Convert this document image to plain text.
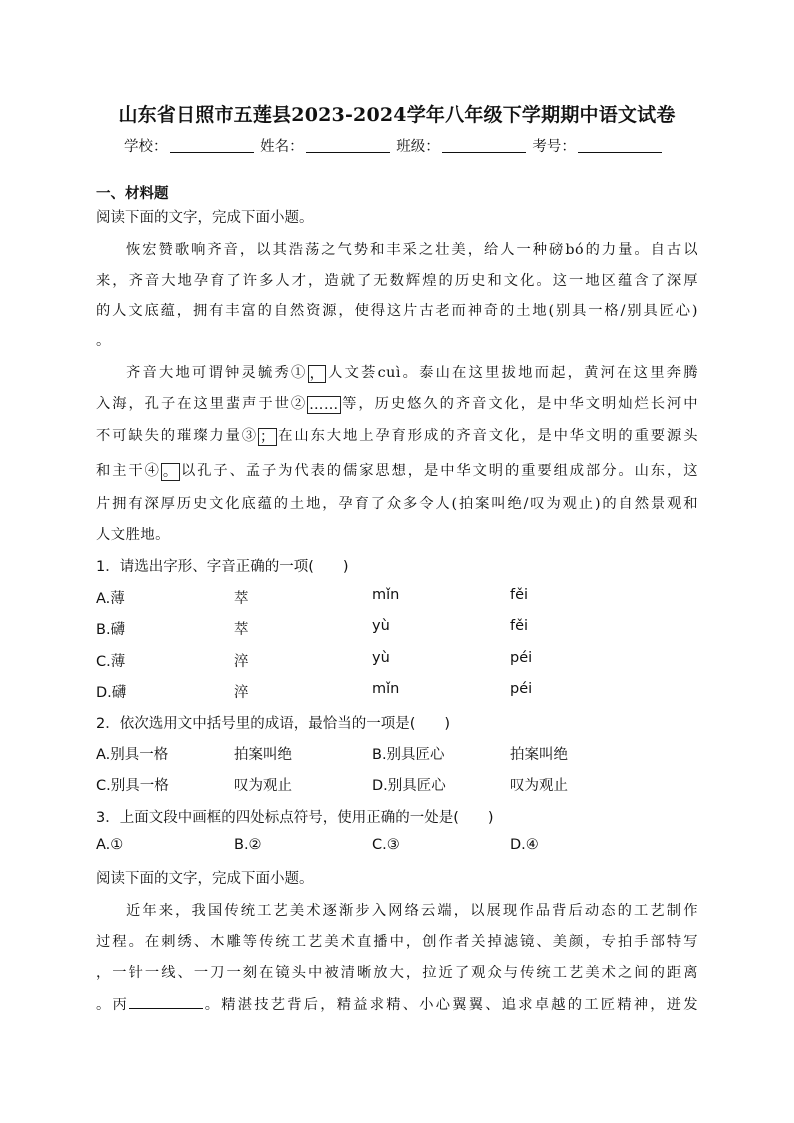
山东省日照市五莲县2023-2024学年八年级下学期期中语文试卷
学校：	姓名：	班级：	考号：
一、材料题
阅读下面的文字，完成下面小题。
恢宏赞歌响齐音，以其浩荡之气势和丰采之壮美，给人一种磅bó的力量。自古以
来，齐音大地孕育了许多人才，造就了无数辉煌的历史和文化。这一地区蕴含了深厚
的人文底蕴，拥有丰富的自然资源，使得这片古老而神奇的土地(别具一格/别具匠心)
。
齐音大地可谓钟灵毓秀① ， 人文荟cuì。泰山在这里拔地而起，黄河在这里奔腾
入海，孔子在这里蜚声于世② …… 等，历史悠久的齐音文化，是中华文明灿烂长河中
不可缺失的璀璨力量③ ； 在山东大地上孕育形成的齐音文化，是中华文明的重要源头
和主干④ 。 以孔子、孟子为代表的儒家思想，是中华文明的重要组成部分。山东，这
片拥有深厚历史文化底蕴的土地，孕育了众多令人(拍案叫绝/叹为观止)的自然景观和
人文胜地。
1．请选出字形、字音正确的一项(　　)
A.薄	萃	mǐn	fěi
B.礴	萃	yù	fěi
C.薄	淬	yù	péi
D.礴	淬	mǐn	péi
2．依次选用文中括号里的成语，最恰当的一项是(　　)
A.别具一格	拍案叫绝	B.别具匠心	拍案叫绝
C.别具一格	叹为观止	D.别具匠心	叹为观止
3．上面文段中画框的四处标点符号，使用正确的一处是(　　)
A.①	B.②	C.③	D.④
阅读下面的文字，完成下面小题。
近年来，我国传统工艺美术逐渐步入网络云端，以展现作品背后动态的工艺制作
过程。在刺绣、木雕等传统工艺美术直播中，创作者关掉滤镜、美颜，专拍手部特写
，一针一线、一刀一刻在镜头中被清晰放大，拉近了观众与传统工艺美术之间的距离
。丙	。精湛技艺背后，精益求精、小心翼翼、追求卓越的工匠精神，迸发
